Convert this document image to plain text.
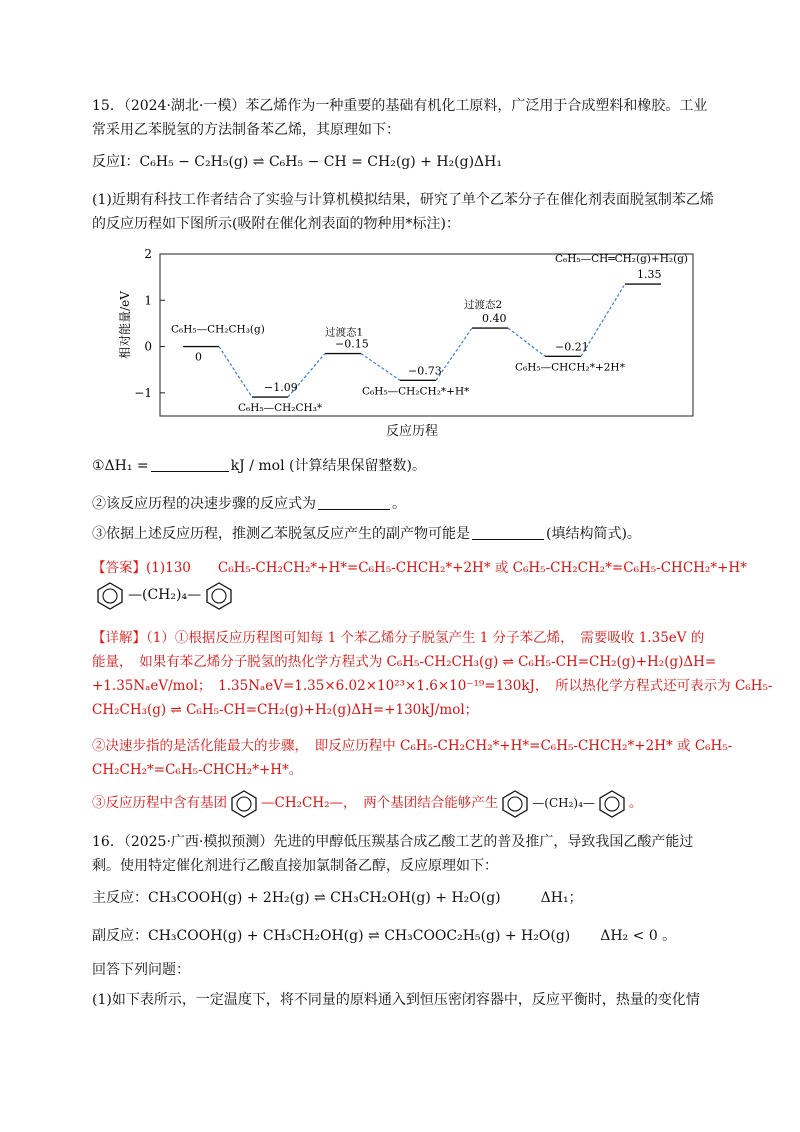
15．（2024·湖北·一模）苯乙烯作为一种重要的基础有机化工原料，广泛用于合成塑料和橡胶。工业
常采用乙苯脱氢的方法制备苯乙烯，其原理如下：
反应Ⅰ：C₆H₅ − C₂H₅(g) ⇌ C₆H₅ − CH = CH₂(g) + H₂(g)ΔH₁
(1)近期有科技工作者结合了实验与计算机模拟结果，研究了单个乙苯分子在催化剂表面脱氢制苯乙烯
的反应历程如下图所示(吸附在催化剂表面的物种用*标注)：
2
1
0
−1
0
C₆H₅—CH₂CH₃(g)
−1.09
C₆H₅—CH₂CH₃*
−0.15
过渡态1
−0.73
C₆H₅—CH₂CH₂*+H*
0.40
过渡态2
−0.21
C₆H₅—CHCH₂*+2H*
1.35
C₆H₅—CH═CH₂(g)+H₂(g)
相对能量/eV
反应历程
①ΔH₁ =	kJ / mol (计算结果保留整数)。
②该反应历程的决速步骤的反应式为	。
③依据上述反应历程，推测乙苯脱氢反应产生的副产物可能是	(填结构简式)。
【答案】(1)130　　C₆H₅-CH₂CH₂*+H*=C₆H₅-CHCH₂*+2H* 或 C₆H₅-CH₂CH₂*=C₆H₅-CHCH₂*+H*
—(CH₂)₄—
【详解】（1）①根据反应历程图可知每 1 个苯乙烯分子脱氢产生 1 分子苯乙烯，　需要吸收 1.35eV 的
能量，　如果有苯乙烯分子脱氢的热化学方程式为 C₆H₅-CH₂CH₃(g) ⇌ C₆H₅-CH=CH₂(g)+H₂(g)ΔH=
+1.35NₐeV/mol；　1.35NₐeV=1.35×6.02×10²³×1.6×10⁻¹⁹=130kJ，　所以热化学方程式还可表示为 C₆H₅-
CH₂CH₃(g) ⇌ C₆H₅-CH=CH₂(g)+H₂(g)ΔH=+130kJ/mol；
②决速步指的是活化能最大的步骤，　即反应历程中 C₆H₅-CH₂CH₂*+H*=C₆H₅-CHCH₂*+2H* 或 C₆H₅-
CH₂CH₂*=C₆H₅-CHCH₂*+H*。
③反应历程中含有基团	—CH₂CH₂—，　两个基团结合能够产生	—(CH₂)₄—	。
16．（2025·广西·模拟预测）先进的甲醇低压羰基合成乙酸工艺的普及推广，导致我国乙酸产能过
剩。使用特定催化剂进行乙酸直接加氯制备乙醇，反应原理如下：
主反应：CH₃COOH(g) + 2H₂(g) ⇌ CH₃CH₂OH(g) + H₂O(g)	ΔH₁；
副反应：CH₃COOH(g) + CH₃CH₂OH(g) ⇌ CH₃COOC₂H₅(g) + H₂O(g) ΔH₂ < 0 。
回答下列问题：
(1)如下表所示，一定温度下，将不同量的原料通入到恒压密闭容器中，反应平衡时，热量的变化情
